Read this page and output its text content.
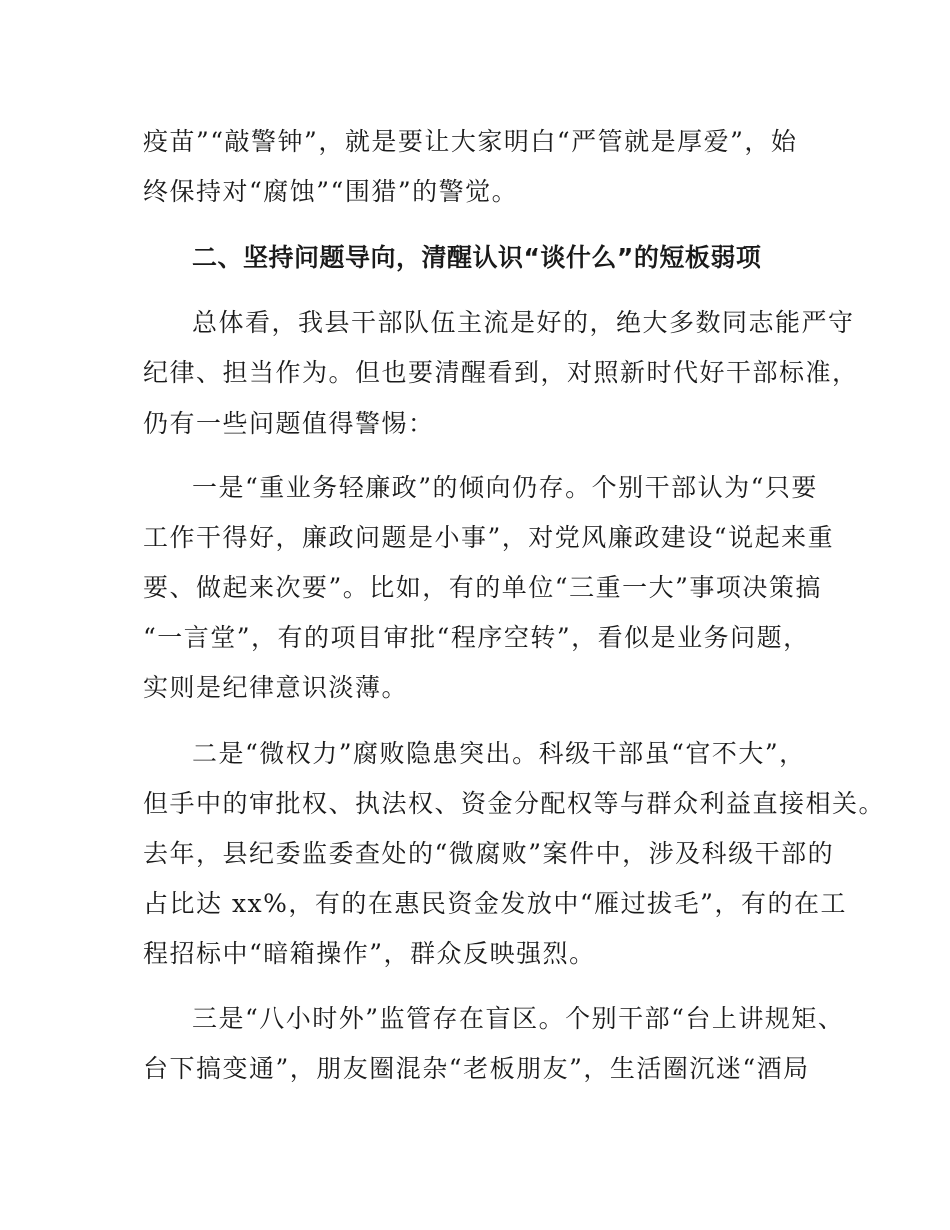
疫苗”“敲警钟”，就是要让大家明白“严管就是厚爱”，始
终保持对“腐蚀”“围猎”的警觉。
二、坚持问题导向，清醒认识“谈什么”的短板弱项
总体看，我县干部队伍主流是好的，绝大多数同志能严守
纪律、担当作为。但也要清醒看到，对照新时代好干部标准，
仍有一些问题值得警惕：
一是“重业务轻廉政”的倾向仍存。个别干部认为“只要
工作干得好，廉政问题是小事”，对党风廉政建设“说起来重
要、做起来次要”。比如，有的单位“三重一大”事项决策搞
“一言堂”，有的项目审批“程序空转”，看似是业务问题，
实则是纪律意识淡薄。
二是“微权力”腐败隐患突出。科级干部虽“官不大”，
但手中的审批权、执法权、资金分配权等与群众利益直接相关。
去年，县纪委监委查处的“微腐败”案件中，涉及科级干部的
占比达 xx%，有的在惠民资金发放中“雁过拔毛”，有的在工
程招标中“暗箱操作”，群众反映强烈。
三是“八小时外”监管存在盲区。个别干部“台上讲规矩、
台下搞变通”，朋友圈混杂“老板朋友”，生活圈沉迷“酒局
